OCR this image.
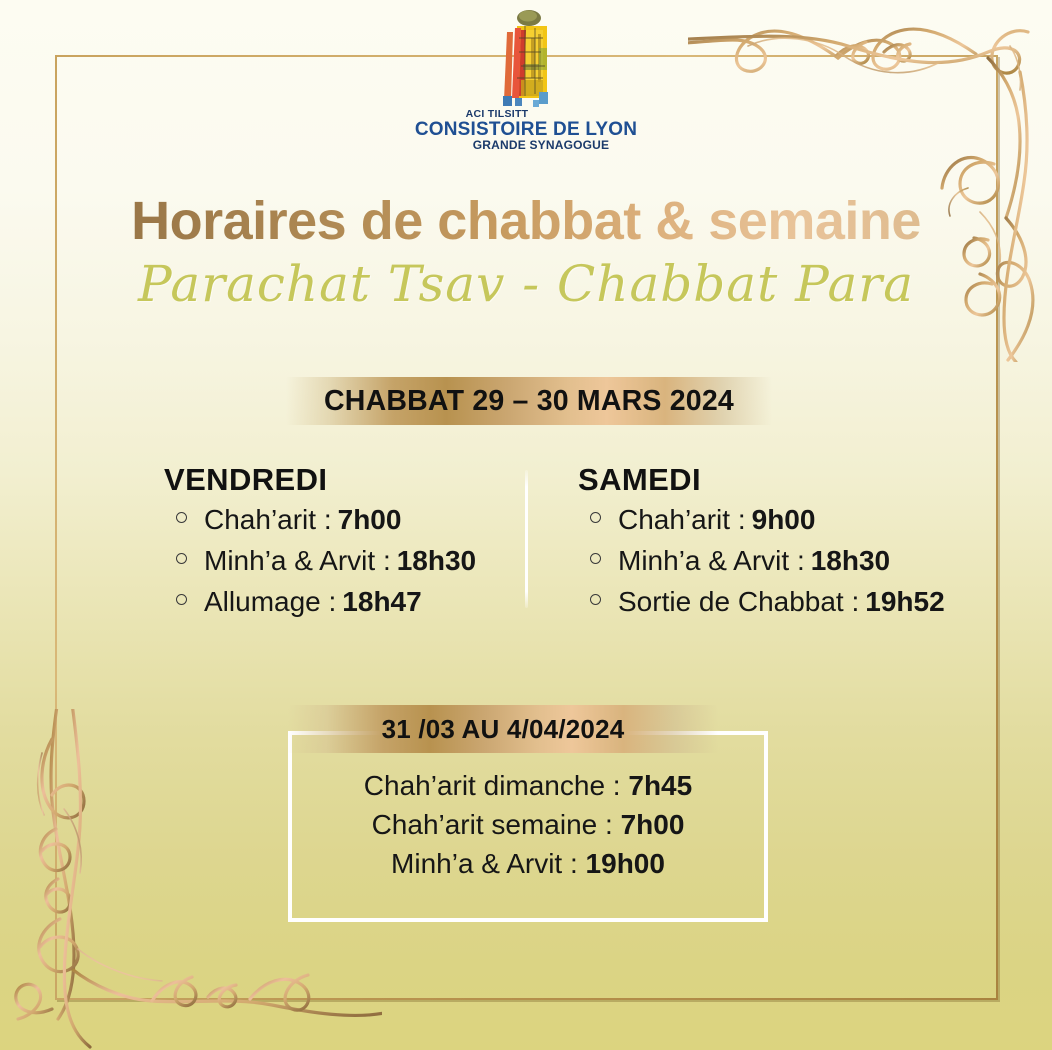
ACI TILSITT
CONSISTOIRE DE LYON
GRANDE SYNAGOGUE
Horaires de chabbat & semaine
Parachat Tsav - Chabbat Para
CHABBAT 29 – 30 MARS 2024
VENDREDI
Chah’arit : 7h00
Minh’a & Arvit : 18h30
Allumage : 18h47
SAMEDI
Chah’arit : 9h00
Minh’a & Arvit : 18h30
Sortie de Chabbat : 19h52
31 /03 AU 4/04/2024
Chah’arit dimanche : 7h45
Chah’arit semaine : 7h00
Minh’a & Arvit : 19h00
